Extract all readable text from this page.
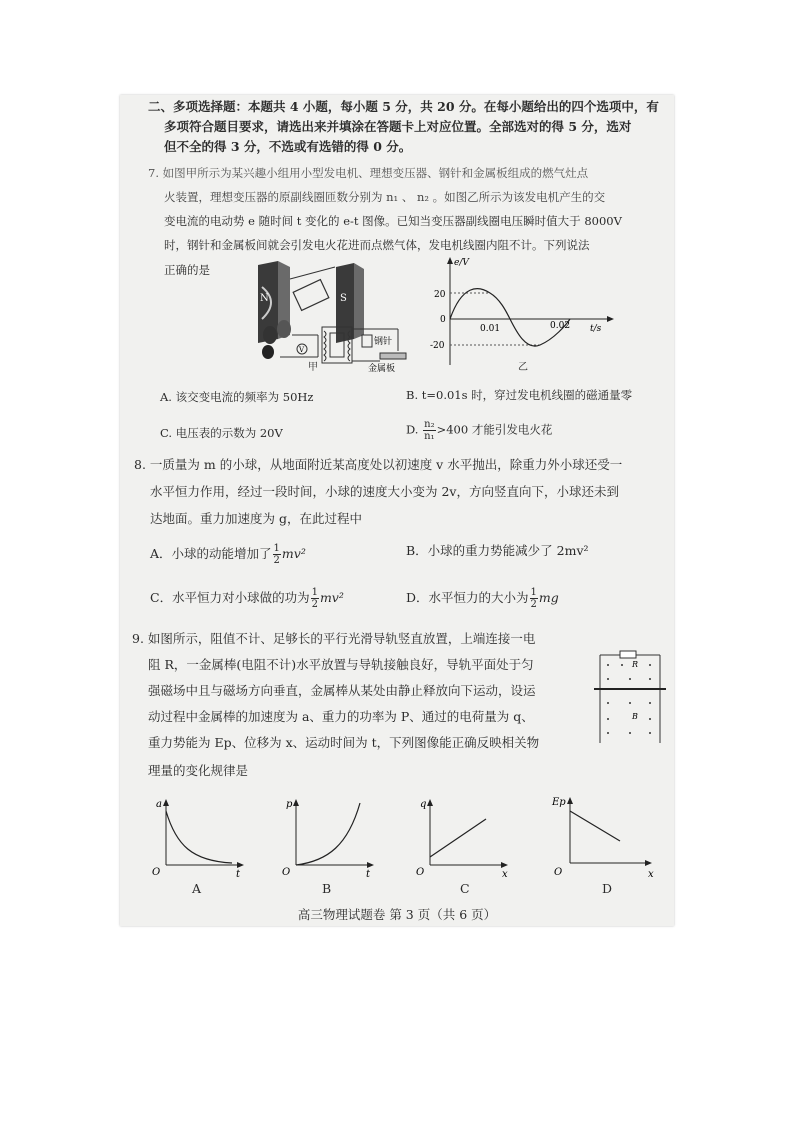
二、多项选择题：本题共 4 小题，每小题 5 分，共 20 分。在每小题给出的四个选项中，有
多项符合题目要求，请选出来并填涂在答题卡上对应位置。全部选对的得 5 分，选对
但不全的得 3 分，不选或有选错的得 0 分。
7. 如图甲所示为某兴趣小组用小型发电机、理想变压器、钢针和金属板组成的燃气灶点
火装置，理想变压器的原副线圈匝数分别为 n₁ 、 n₂ 。如图乙所示为该发电机产生的交
变电流的电动势 e 随时间 t 变化的 e-t 图像。已知当变压器副线圈电压瞬时值大于 8000V
时，钢针和金属板间就会引发电火花进而点燃气体，发电机线圈内阻不计。下列说法
正确的是
N	S
V
钢针
金属板
甲
e/V
t/s
20
0
-20
0.01	0.02
乙
A. 该交变电流的频率为 50Hz	B. t=0.01s 时，穿过发电机线圈的磁通量零
C. 电压表的示数为 20V	D. $\frac{\text{n₂}}{\text{n₁}} >400$ 才能引发电火花
8. 一质量为 m 的小球，从地面附近某高度处以初速度 v 水平抛出，除重力外小球还受一
水平恒力作用，经过一段时间，小球的速度大小变为 2v，方向竖直向下，小球还未到
达地面。重力加速度为 g，在此过程中
A．小球的动能增加了 $\frac{1}{2} mv^2$	B．小球的重力势能减少了 2mv²
C．水平恒力对小球做的功为 $\frac{1}{2} mv^2$	D．水平恒力的大小为 $\frac{1}{2}$ mg
9. 如图所示，阻值不计、足够长的平行光滑导轨竖直放置，上端连接一电
阻 R，一金属棒(电阻不计)水平放置与导轨接触良好，导轨平面处于匀
强磁场中且与磁场方向垂直，金属棒从某处由静止释放向下运动，设运
动过程中金属棒的加速度为 a、重力的功率为 P、通过的电荷量为 q、
重力势能为 Ep、位移为 x、运动时间为 t，下列图像能正确反映相关物
理量的变化规律是
R
B
a
O	t
A
p
O	t
B
q
O	x
C
Ep
O	x
D
高三物理试题卷 第 3 页（共 6 页）
